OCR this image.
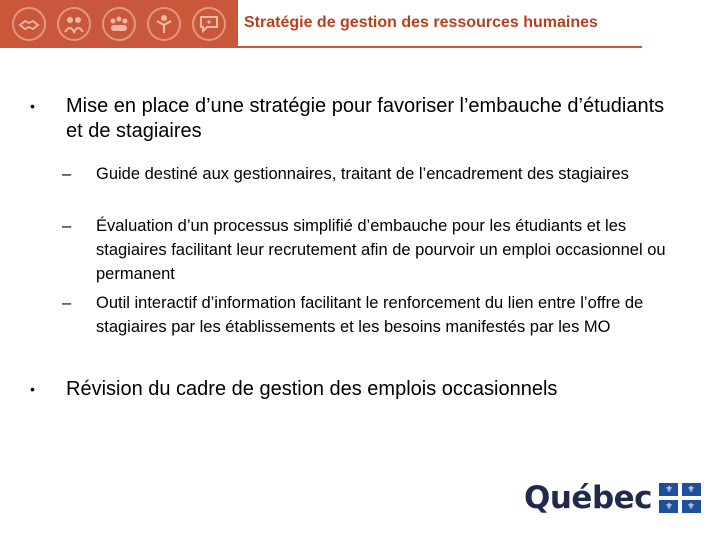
Stratégie de gestion des ressources humaines
• Mise en place d’une stratégie pour favoriser l’embauche d’étudiants et de stagiaires
– Guide destiné aux gestionnaires, traitant de l’encadrement des stagiaires
– Évaluation d’un processus simplifié d’embauche pour les étudiants et les stagiaires facilitant leur recrutement afin de pourvoir un emploi occasionnel ou permanent
– Outil interactif d’information facilitant le renforcement du lien entre l’offre de stagiaires par les établissements et les besoins manifestés par les MO
• Révision du cadre de gestion des emplois occasionnels
Québec ⚜ ⚜
⚜ ⚜
